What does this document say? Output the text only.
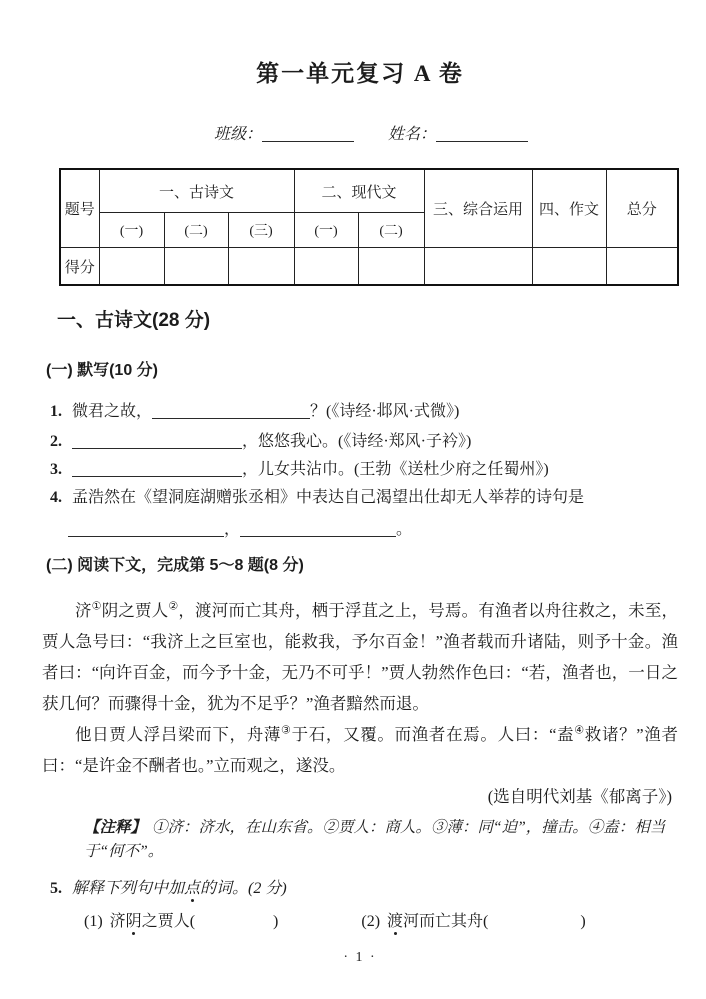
第一单元复习 A 卷
班级：	姓名：
题号	一、古诗文			二、现代文		三、综合运用	四、作文	总分
	(一)	(二)	(三)	(一)	(二)			
得分								
一、古诗文(28 分)
(一) 默写(10 分)
1. 微君之故，	？(《诗经·邶风·式微》)
2.	，悠悠我心。(《诗经·郑风·子衿》)
3.	，儿女共沾巾。(王勃《送杜少府之任蜀州》)
4. 孟浩然在《望洞庭湖赠张丞相》中表达自己渴望出仕却无人举荐的诗句是
，	。
(二) 阅读下文，完成第 5～8 题(8 分)

济①阴之贾人②，渡河而亡其舟，栖于浮苴之上，号焉。有渔者以舟往救之，未至，贾人急号曰：“我济上之巨室也，能救我，予尔百金！”渔者载而升诸陆，则予十金。渔者曰：“向许百金，而今予十金，无乃不可乎！”贾人勃然作色曰：“若，渔者也，一日之获几何？而骤得十金，犹为不足乎？”渔者黯然而退。

他日贾人浮吕梁而下，舟薄③于石，又覆。而渔者在焉。人曰：“盍④救诸？”渔者曰：“是许金不酬者也。”立而观之，遂没。

(选自明代刘基《郁离子》)

【注释】 ①济：济水，在山东省。②贾人：商人。③薄：同“迫”，撞击。④盍：相当于“何不”。
5. 解释下列句中加点的词。(2 分)
(1) 济阴之贾人(	)	(2) 渡河而亡其舟(	)
· 1 ·
